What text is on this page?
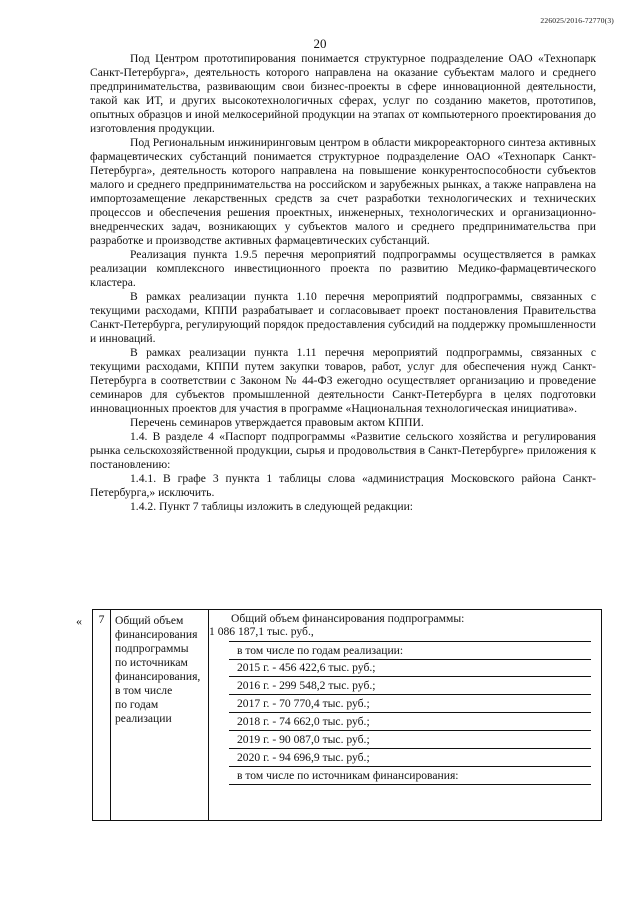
226025/2016-72770(3)
20

Под Центром прототипирования понимается структурное подразделение ОАО «Технопарк Санкт-Петербурга», деятельность которого направлена на оказание субъектам малого и среднего предпринимательства, развивающим свои бизнес-проекты в сфере инновационной деятельности, такой как ИТ, и других высокотехнологичных сферах, услуг по созданию макетов, прототипов, опытных образцов и иной мелкосерийной продукции на этапах от компьютерного проектирования до изготовления продукции.

Под Региональным инжиниринговым центром в области микрореакторного синтеза активных фармацевтических субстанций понимается структурное подразделение ОАО «Технопарк Санкт-Петербурга», деятельность которого направлена на повышение конкурентоспособности субъектов малого и среднего предпринимательства на российском и зарубежных рынках, а также направлена на импортозамещение лекарственных средств за счет разработки технологических и технических процессов и обеспечения решения проектных, инженерных, технологических и организационно-внедренческих задач, возникающих у субъектов малого и среднего предпринимательства при разработке и производстве активных фармацевтических субстанций.

Реализация пункта 1.9.5 перечня мероприятий подпрограммы осуществляется в рамках реализации комплексного инвестиционного проекта по развитию Медико-фармацевтического кластера.

В рамках реализации пункта 1.10 перечня мероприятий подпрограммы, связанных с текущими расходами, КППИ разрабатывает и согласовывает проект постановления Правительства Санкт-Петербурга, регулирующий порядок предоставления субсидий на поддержку промышленности и инноваций.

В рамках реализации пункта 1.11 перечня мероприятий подпрограммы, связанных с текущими расходами, КППИ путем закупки товаров, работ, услуг для обеспечения нужд Санкт-Петербурга в соответствии с Законом № 44-ФЗ ежегодно осуществляет организацию и проведение семинаров для субъектов промышленной деятельности Санкт-Петербурга в целях подготовки инновационных проектов для участия в программе «Национальная технологическая инициатива».

Перечень семинаров утверждается правовым актом КППИ.

1.4. В разделе 4 «Паспорт подпрограммы «Развитие сельского хозяйства и регулирования рынка сельскохозяйственной продукции, сырья и продовольствия в Санкт-Петербурге» приложения к постановлению:

1.4.1. В графе 3 пункта 1 таблицы слова «администрация Московского района Санкт-Петербурга,» исключить.

1.4.2. Пункт 7 таблицы изложить в следующей редакции:

«	7 Общий объем
финансирования
подпрограммы
по источникам
финансирования,
в том числе
по годам
реализации
Общий объем финансирования подпрограммы:
1 086 187,1 тыс. руб.,
в том числе по годам реализации:
2015 г. - 456 422,6 тыс. руб.;
2016 г. - 299 548,2 тыс. руб.;
2017 г. - 70 770,4 тыс. руб.;
2018 г. - 74 662,0 тыс. руб.;
2019 г. - 90 087,0 тыс. руб.;
2020 г. - 94 696,9 тыс. руб.;
в том числе по источникам финансирования:
